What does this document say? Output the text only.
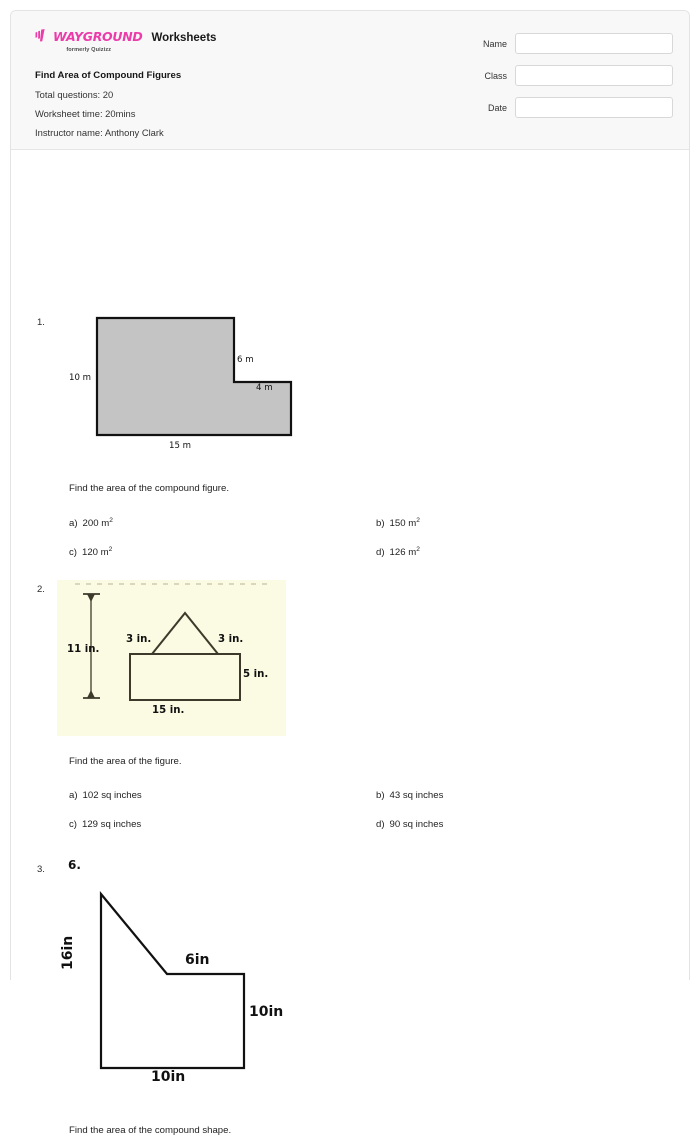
WAYGROUND
formerly Quizizz
Worksheets
Find Area of Compound Figures
Total questions: 20
Worksheet time: 20mins
Instructor name: Anthony Clark
Name
Class
Date
1.
10 m
6 m
4 m
15 m
Find the area of the compound figure.
a) 200 $m^2$	b) 150 $m^2$
c) 120 $m^2$	d) 126 $m^2$
2.
11 in.
3 in.	3 in.
5 in.
15 in.
Find the area of the figure.
a) 102 sq inches	b) 43 sq inches
c) 129 sq inches	d) 90 sq inches
3. 6.
16in	6in
10in
10in
Find the area of the compound shape.
